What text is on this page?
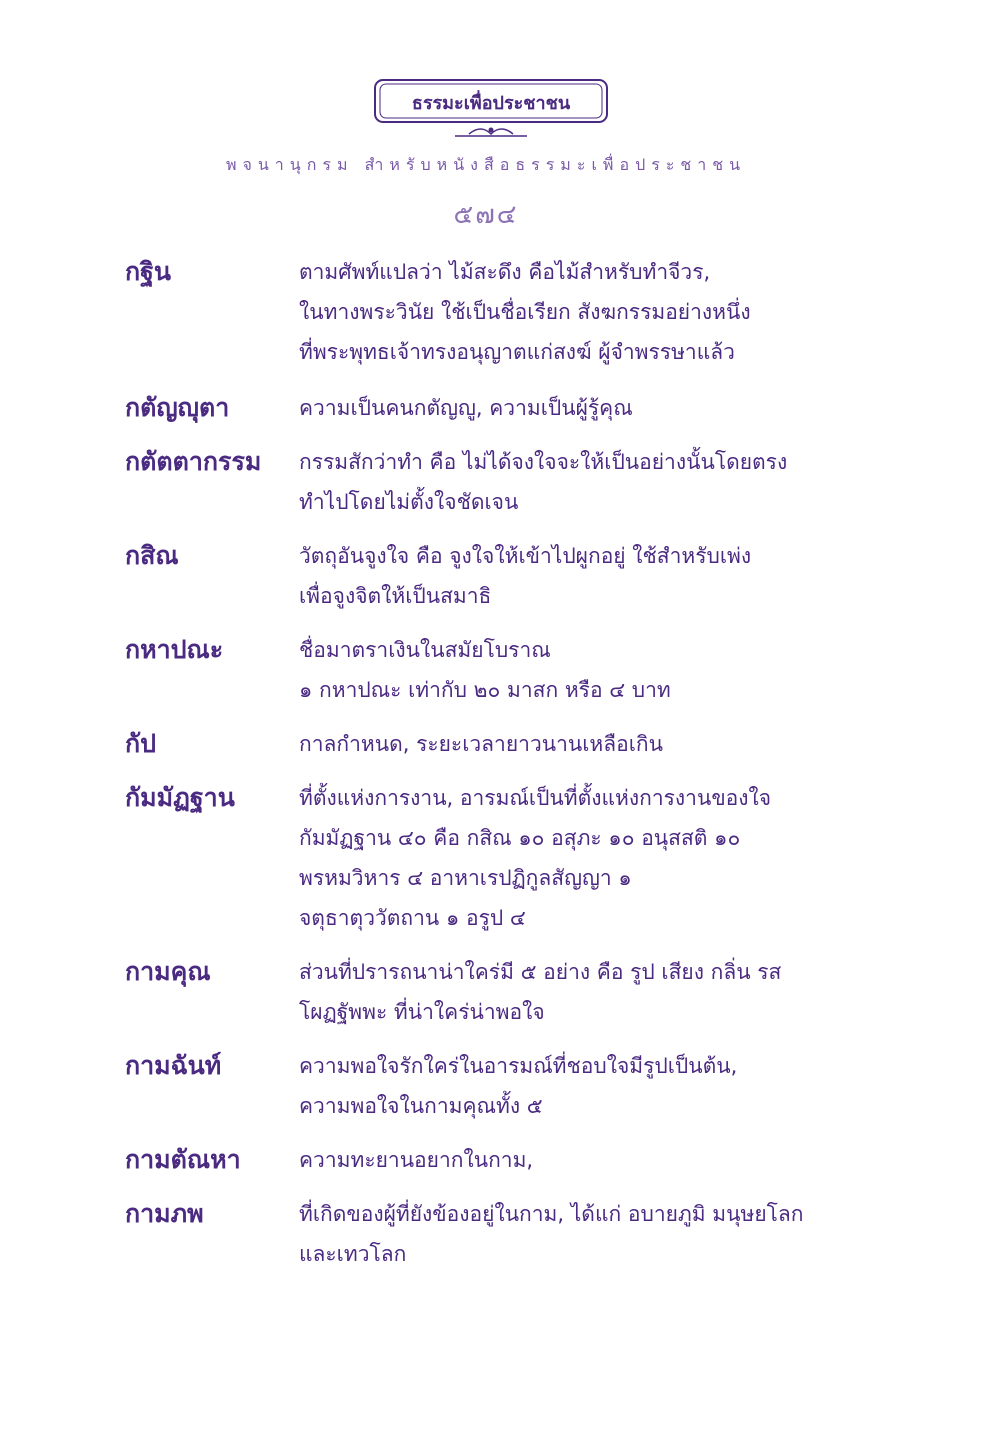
ธรรมะเพื่อประชาชน
พจนานุกรม สำหรับหนังสือธรรมะเพื่อประชาชน
๕๗๔
กฐิน	ตามศัพท์แปลว่า ไม้สะดึง คือไม้สำหรับทำจีวร,
ในทางพระวินัย ใช้เป็นชื่อเรียก สังฆกรรมอย่างหนึ่ง
ที่พระพุทธเจ้าทรงอนุญาตแก่สงฆ์ ผู้จำพรรษาแล้ว
กตัญญุตา	ความเป็นคนกตัญญู, ความเป็นผู้รู้คุณ
กตัตตากรรม	กรรมสักว่าทำ คือ ไม่ได้จงใจจะให้เป็นอย่างนั้นโดยตรง
ทำไปโดยไม่ตั้งใจชัดเจน
กสิณ	วัตถุอันจูงใจ คือ จูงใจให้เข้าไปผูกอยู่ ใช้สำหรับเพ่ง
เพื่อจูงจิตให้เป็นสมาธิ
กหาปณะ	ชื่อมาตราเงินในสมัยโบราณ
๑ กหาปณะ เท่ากับ ๒๐ มาสก หรือ ๔ บาท
กัป	กาลกำหนด, ระยะเวลายาวนานเหลือเกิน
กัมมัฏฐาน	ที่ตั้งแห่งการงาน, อารมณ์เป็นที่ตั้งแห่งการงานของใจ
กัมมัฏฐาน ๔๐ คือ กสิณ ๑๐ อสุภะ ๑๐ อนุสสติ ๑๐
พรหมวิหาร ๔ อาหาเรปฏิกูลสัญญา ๑
จตุธาตุววัตถาน ๑ อรูป ๔
กามคุณ	ส่วนที่ปรารถนาน่าใคร่มี ๕ อย่าง คือ รูป เสียง กลิ่น รส
โผฏฐัพพะ ที่น่าใคร่น่าพอใจ
กามฉันท์	ความพอใจรักใคร่ในอารมณ์ที่ชอบใจมีรูปเป็นต้น,
ความพอใจในกามคุณทั้ง ๕
กามตัณหา	ความทะยานอยากในกาม,
กามภพ	ที่เกิดของผู้ที่ยังข้องอยู่ในกาม, ได้แก่ อบายภูมิ มนุษยโลก
และเทวโลก
